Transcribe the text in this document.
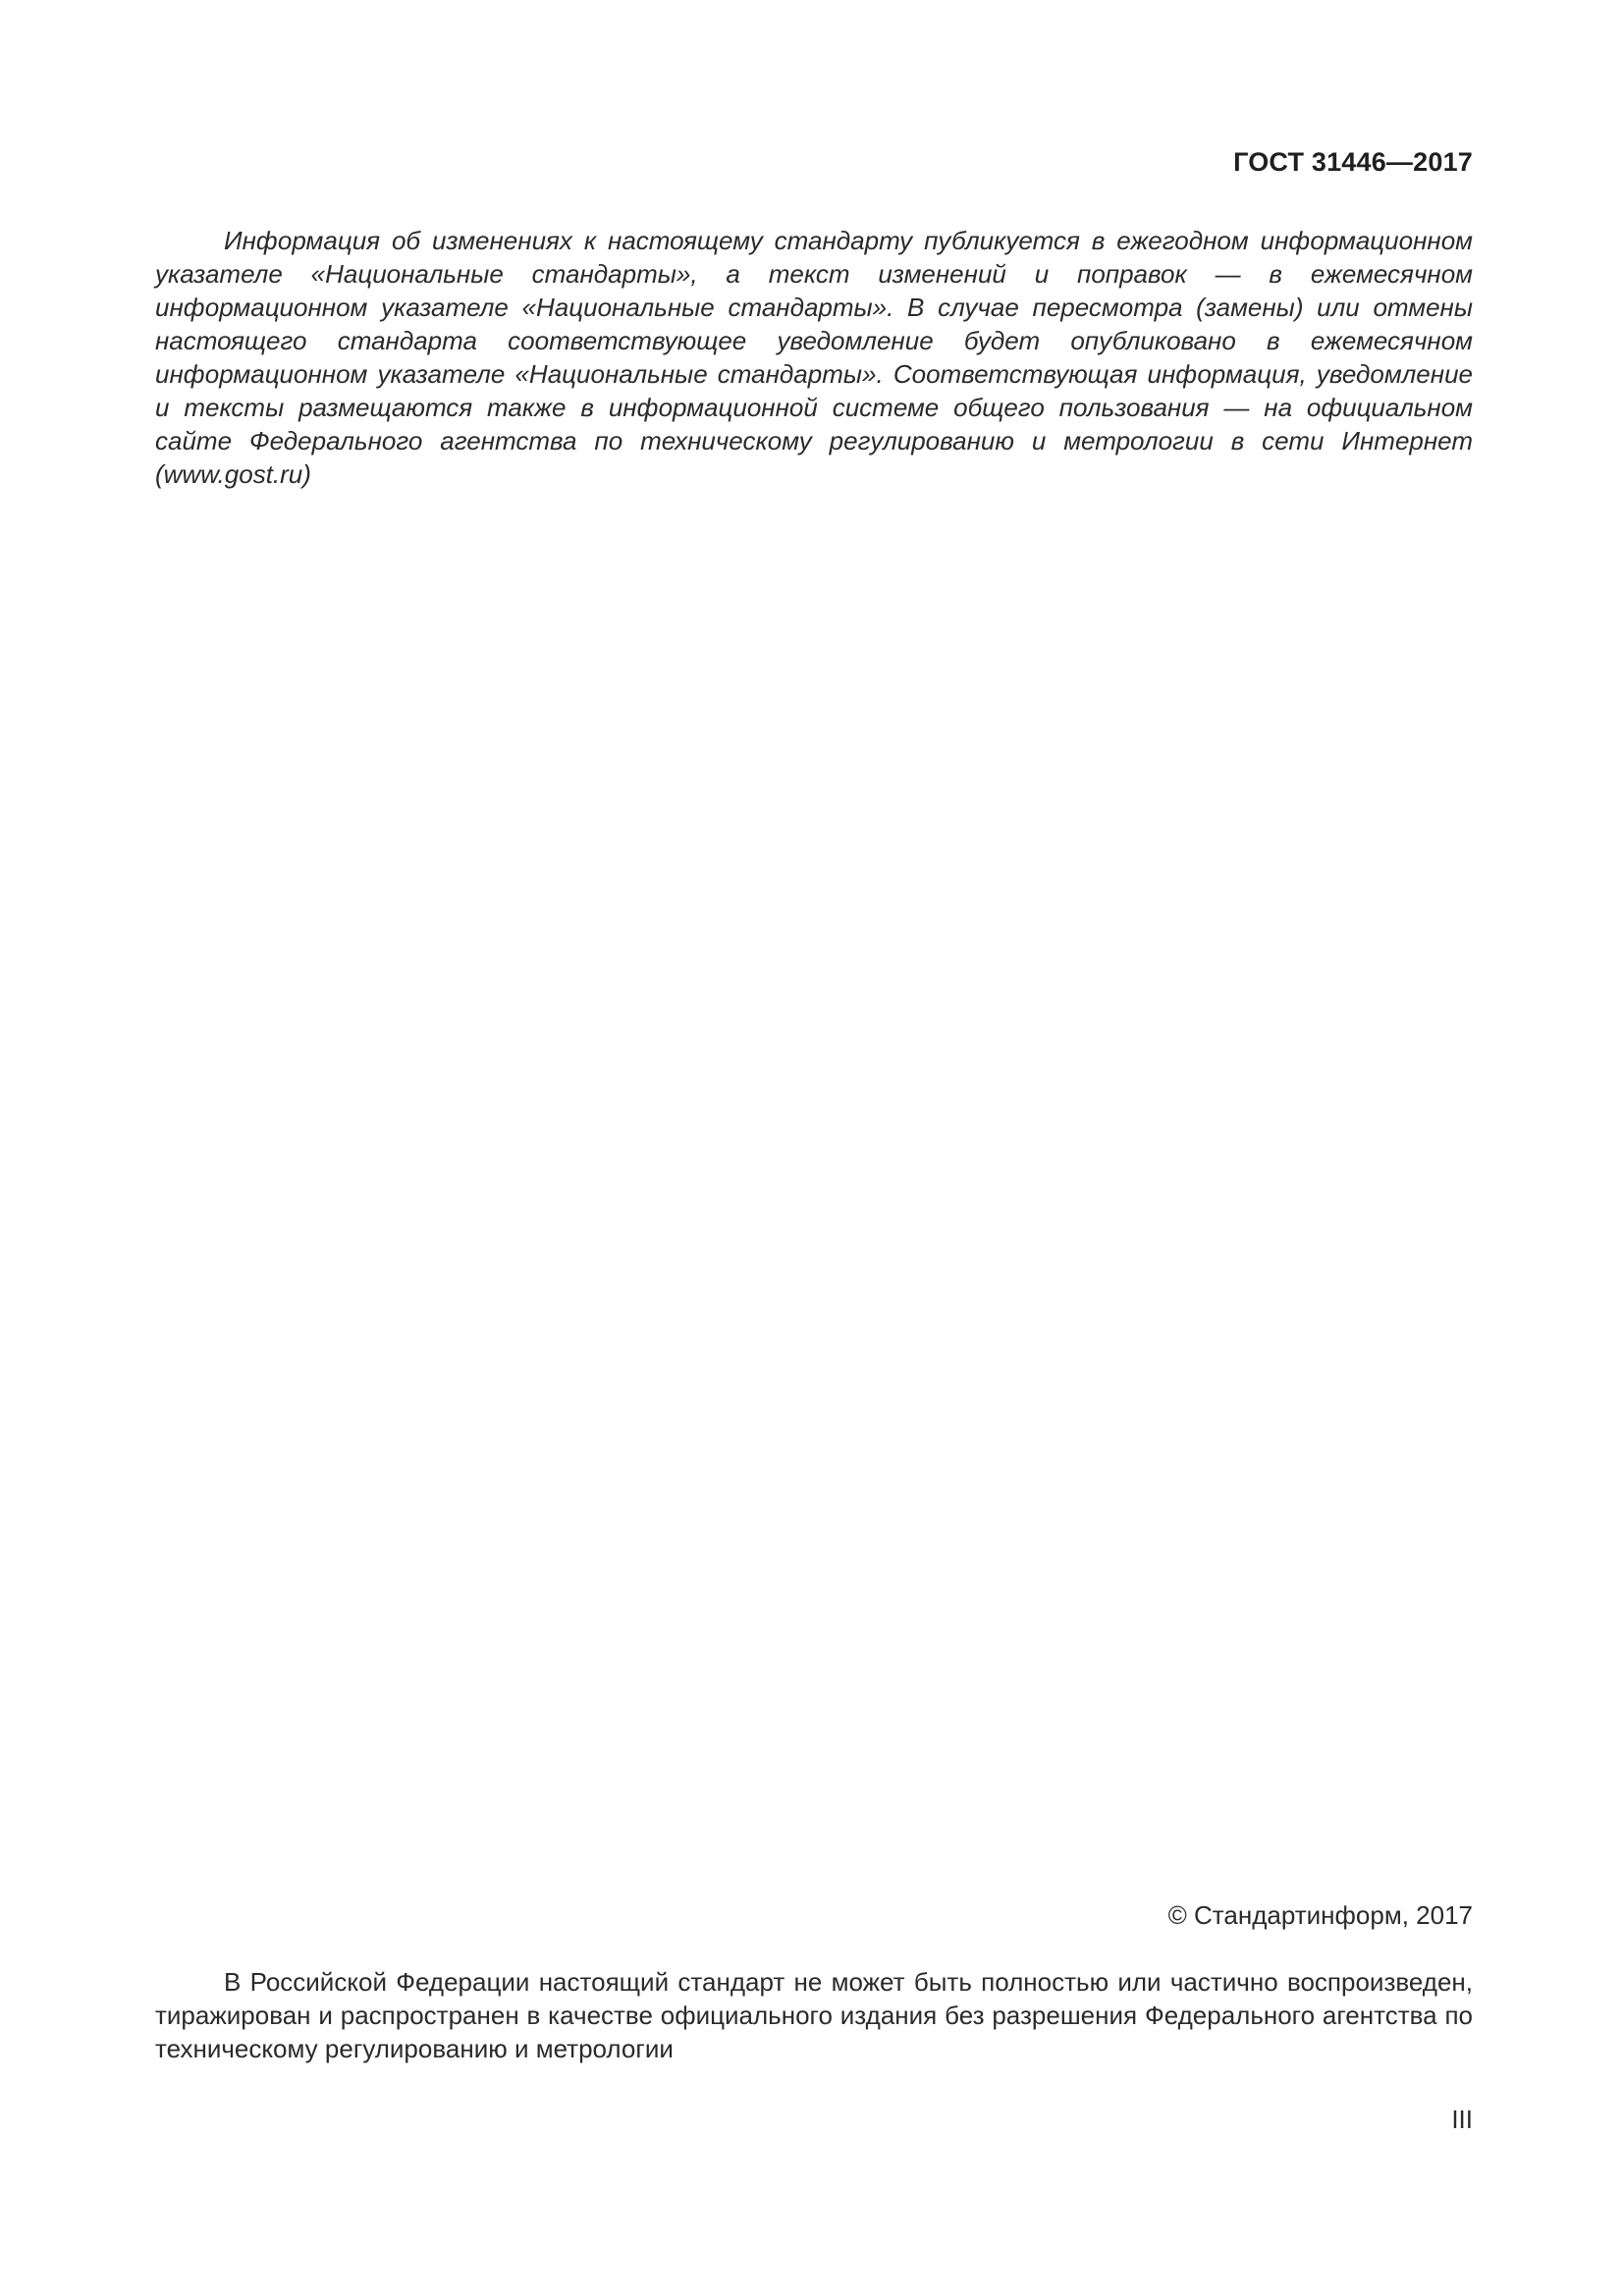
ГОСТ 31446—2017

Информация об изменениях к настоящему стандарту публикуется в ежегодном информационном указателе «Национальные стандарты», а текст изменений и поправок — в ежемесячном информационном указателе «Национальные стандарты». В случае пересмотра (замены) или отмены настоящего стандарта соответствующее уведомление будет опубликовано в ежемесячном информационном указателе «Национальные стандарты». Соответствующая информация, уведомление и тексты размещаются также в информационной системе общего пользования — на официальном сайте Федерального агентства по техническому регулированию и метрологии в сети Интернет (www.gost.ru)

© Стандартинформ, 2017

В Российской Федерации настоящий стандарт не может быть полностью или частично воспроизведен, тиражирован и распространен в качестве официального издания без разрешения Федерального агентства по техническому регулированию и метрологии

III
